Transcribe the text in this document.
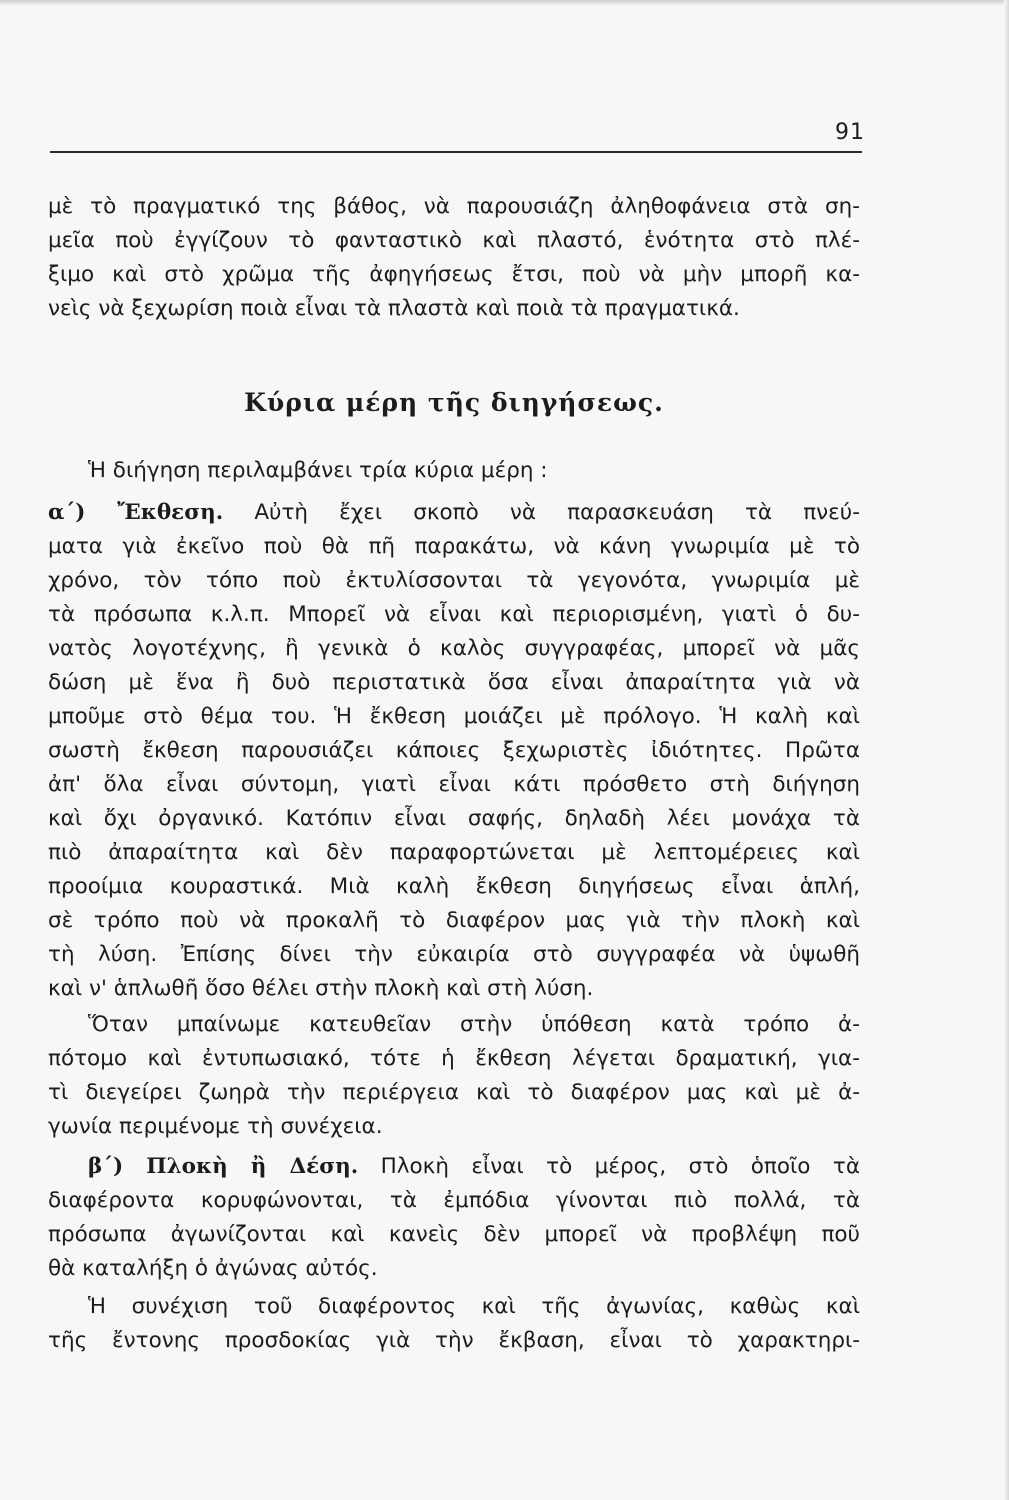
91
μὲ τὸ πραγματικό της βάθος, νὰ παρουσιάζη ἀληθοφάνεια στὰ ση-
μεῖα ποὺ ἐγγίζουν τὸ φανταστικὸ καὶ πλαστό, ἑνότητα στὸ πλέ-
ξιμο καὶ στὸ χρῶμα τῆς ἀφηγήσεως ἔτσι, ποὺ νὰ μὴν μπορῆ κα-
νεὶς νὰ ξεχωρίση ποιὰ εἶναι τὰ πλαστὰ καὶ ποιὰ τὰ πραγματικά.
Κύρια μέρη τῆς διηγήσεως.
Ἡ διήγηση περιλαμβάνει τρία κύρια μέρη :
α΄) Ἔκθεση. Αὐτὴ ἔχει σκοπὸ νὰ παρασκευάση τὰ πνεύ-
ματα γιὰ ἐκεῖνο ποὺ θὰ πῆ παρακάτω, νὰ κάνη γνωριμία μὲ τὸ
χρόνο, τὸν τόπο ποὺ ἐκτυλίσσονται τὰ γεγονότα, γνωριμία μὲ
τὰ πρόσωπα κ.λ.π. Μπορεῖ νὰ εἶναι καὶ περιορισμένη, γιατὶ ὁ δυ-
νατὸς λογοτέχνης, ἢ γενικὰ ὁ καλὸς συγγραφέας, μπορεῖ νὰ μᾶς
δώση μὲ ἕνα ἢ δυὸ περιστατικὰ ὅσα εἶναι ἀπαραίτητα γιὰ νὰ
μποῦμε στὸ θέμα του. Ἡ ἔκθεση μοιάζει μὲ πρόλογο. Ἡ καλὴ καὶ
σωστὴ ἔκθεση παρουσιάζει κάποιες ξεχωριστὲς ἰδιότητες. Πρῶτα
ἀπ' ὅλα εἶναι σύντομη, γιατὶ εἶναι κάτι πρόσθετο στὴ διήγηση
καὶ ὄχι ὀργανικό. Κατόπιν εἶναι σαφής, δηλαδὴ λέει μονάχα τὰ
πιὸ ἀπαραίτητα καὶ δὲν παραφορτώνεται μὲ λεπτομέρειες καὶ
προοίμια κουραστικά. Μιὰ καλὴ ἔκθεση διηγήσεως εἶναι ἁπλή,
σὲ τρόπο ποὺ νὰ προκαλῆ τὸ διαφέρον μας γιὰ τὴν πλοκὴ καὶ
τὴ λύση. Ἐπίσης δίνει τὴν εὐκαιρία στὸ συγγραφέα νὰ ὑψωθῆ
καὶ ν' ἁπλωθῆ ὅσο θέλει στὴν πλοκὴ καὶ στὴ λύση.
Ὅταν μπαίνωμε κατευθεῖαν στὴν ὑπόθεση κατὰ τρόπο ἀ-
πότομο καὶ ἐντυπωσιακό, τότε ἡ ἔκθεση λέγεται δραματική, για-
τὶ διεγείρει ζωηρὰ τὴν περιέργεια καὶ τὸ διαφέρον μας καὶ μὲ ἀ-
γωνία περιμένομε τὴ συνέχεια.
β΄) Πλοκὴ ἢ Δέση. Πλοκὴ εἶναι τὸ μέρος, στὸ ὁποῖο τὰ
διαφέροντα κορυφώνονται, τὰ ἐμπόδια γίνονται πιὸ πολλά, τὰ
πρόσωπα ἀγωνίζονται καὶ κανεὶς δὲν μπορεῖ νὰ προβλέψη ποῦ
θὰ καταλήξη ὁ ἀγώνας αὐτός.
Ἡ συνέχιση τοῦ διαφέροντος καὶ τῆς ἀγωνίας, καθὼς καὶ
τῆς ἔντονης προσδοκίας γιὰ τὴν ἔκβαση, εἶναι τὸ χαρακτηρι-
